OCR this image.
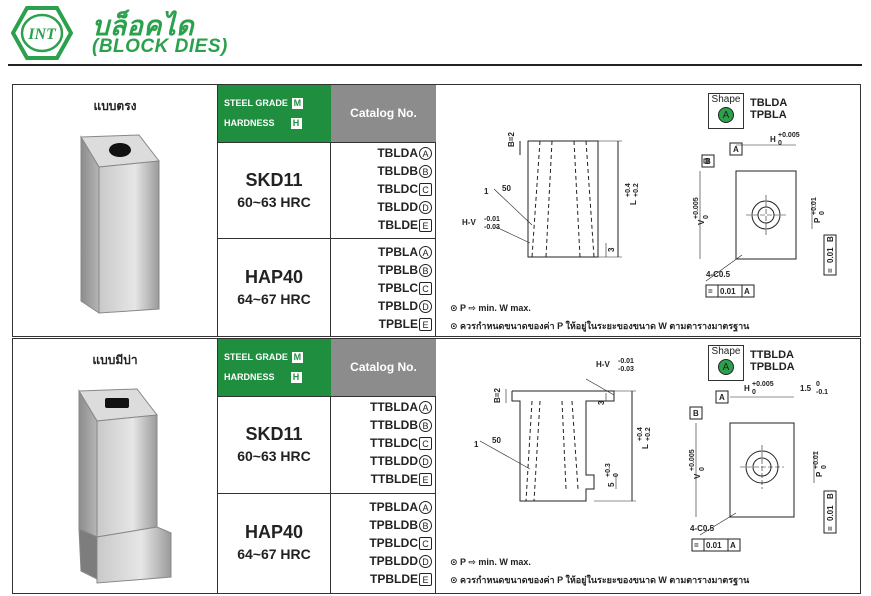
INT บล็อคได
(BLOCK DIES)
แบบตรง	STEEL GRADE M
HARDNESS H
Catalog No.
SKD11
60~63 HRC
TBLDA A
TBLDB B
TBLDC C
TBLDD D
TBLDE E
HAP40
64~67 HRC
TPBLA A
TPBLB B
TPBLC C
TPBLD D
TPBLE E
B=2
1 50
H-V -0.01
-0.03
L
+0.4 +0.2
3
H +0.005
0
V
+0.005 0
P
+0.01 0
4-C0.5
A
B
= 0.01 A
=
0.01
B
Shape
A
TBLDA
TPBLA
⊙ P ⇨ min. W max.
⊙ ควรกำหนดขนาดของค่า P ให้อยู่ในระยะของขนาด W ตามตารางมาตรฐาน
แบบมีบ่า	STEEL GRADE M
HARDNESS H
Catalog No.
SKD11
60~63 HRC
TTBLDA A
TTBLDB B
TTBLDC C
TTBLDD D
TTBLDE E
HAP40
64~67 HRC
TPBLDA A
TPBLDB B
TPBLDC C
TPBLDD D
TPBLDE E
B=2
1 50
H-V -0.01
-0.03
3
L
+0.4 +0.2
5
+0.3 0
H +0.005
0	1.5 0
-0.1
V
+0.005 0
P
+0.01 0
4-C0.5
A
B
= 0.01 A
=
0.01
B
Shape
A
TTBLDA
TPBLDA
⊙ P ⇨ min. W max.
⊙ ควรกำหนดขนาดของค่า P ให้อยู่ในระยะของขนาด W ตามตารางมาตรฐาน
